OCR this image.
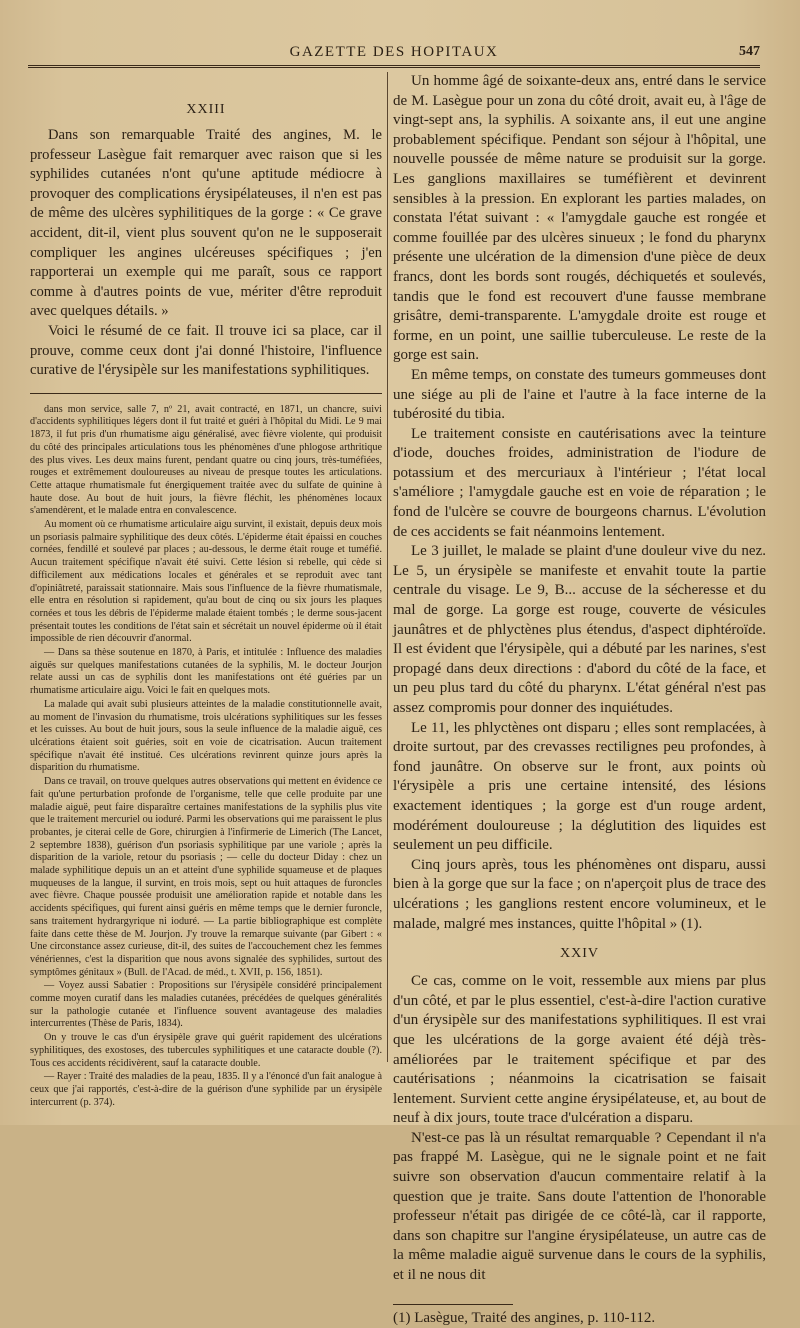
GAZETTE DES HOPITAUX	547
XXIII

Dans son remarquable Traité des angines, M. le professeur Lasègue fait remarquer avec raison que si les syphilides cutanées n'ont qu'une aptitude médiocre à provoquer des complications érysipélateuses, il n'en est pas de même des ulcères syphilitiques de la gorge : « Ce grave accident, dit-il, vient plus souvent qu'on ne le supposerait compliquer les angines ulcéreuses spécifiques ; j'en rapporterai un exemple qui me paraît, sous ce rapport comme à d'autres points de vue, mériter d'être reproduit avec quelques détails. »

Voici le résumé de ce fait. Il trouve ici sa place, car il prouve, comme ceux dont j'ai donné l'histoire, l'influence curative de l'érysipèle sur les manifestations syphilitiques.

dans mon service, salle 7, nº 21, avait contracté, en 1871, un chancre, suivi d'accidents syphilitiques légers dont il fut traité et guéri à l'hôpital du Midi. Le 9 mai 1873, il fut pris d'un rhumatisme aigu généralisé, avec fièvre violente, qui produisit du côté des principales articulations tous les phénomènes d'une phlogose arthritique des plus vives. Les deux mains furent, pendant quatre ou cinq jours, très-tuméfiées, rouges et extrêmement douloureuses au niveau de presque toutes les articulations. Cette attaque rhumatismale fut énergiquement traitée avec du sulfate de quinine à haute dose. Au bout de huit jours, la fièvre fléchit, les phénomènes locaux s'amendèrent, et le malade entra en convalescence.

Au moment où ce rhumatisme articulaire aigu survint, il existait, depuis deux mois un psoriasis palmaire syphilitique des deux côtés. L'épiderme était épaissi en couches cornées, fendillé et soulevé par places ; au-dessous, le derme était rouge et tuméfié. Aucun traitement spécifique n'avait été suivi. Cette lésion si rebelle, qui cède si difficilement aux médications locales et générales et se reproduit avec tant d'opiniâtreté, paraissait stationnaire. Mais sous l'influence de la fièvre rhumatismale, elle entra en résolution si rapidement, qu'au bout de cinq ou six jours les plaques cornées et tous les débris de l'épiderme malade étaient tombés ; le derme sous-jacent présentait toutes les conditions de l'état sain et sécrétait un nouvel épiderme où il était impossible de rien découvrir d'anormal.

— Dans sa thèse soutenue en 1870, à Paris, et intitulée : Influence des maladies aiguës sur quelques manifestations cutanées de la syphilis, M. le docteur Jourjon relate aussi un cas de syphilis dont les manifestations ont été guéries par un rhumatisme articulaire aigu. Voici le fait en quelques mots.

La malade qui avait subi plusieurs atteintes de la maladie constitutionnelle avait, au moment de l'invasion du rhumatisme, trois ulcérations syphilitiques sur les fesses et les cuisses. Au bout de huit jours, sous la seule influence de la maladie aiguë, ces ulcérations étaient soit guéries, soit en voie de cicatrisation. Aucun traitement spécifique n'avait été institué. Ces ulcérations revinrent quinze jours après la disparition du rhumatisme.

Dans ce travail, on trouve quelques autres observations qui mettent en évidence ce fait qu'une perturbation profonde de l'organisme, telle que celle produite par une maladie aiguë, peut faire disparaître certaines manifestations de la syphilis plus vite que le traitement mercuriel ou ioduré. Parmi les observations qui me paraissent le plus probantes, je citerai celle de Gore, chirurgien à l'infirmerie de Limerich (The Lancet, 2 septembre 1838), guérison d'un psoriasis syphilitique par une variole ; après la disparition de la variole, retour du psoriasis ; — celle du docteur Diday : chez un malade syphilitique depuis un an et atteint d'une syphilide squameuse et de plaques muqueuses de la langue, il survint, en trois mois, sept ou huit attaques de furoncles avec fièvre. Chaque poussée produisit une amélioration rapide et notable dans les accidents spécifiques, qui furent ainsi guéris en même temps que le dernier furoncle, sans traitement hydrargyrique ni ioduré. — La partie bibliographique est complète faite dans cette thèse de M. Jourjon. J'y trouve la remarque suivante (par Gibert : « Une circonstance assez curieuse, dit-il, des suites de l'accouchement chez les femmes vénériennes, c'est la disparition que nous avons signalée des syphilides, surtout des symptômes génitaux » (Bull. de l'Acad. de méd., t. XVII, p. 156, 1851).

— Voyez aussi Sabatier : Propositions sur l'érysipèle considéré principalement comme moyen curatif dans les maladies cutanées, précédées de quelques généralités sur la pathologie cutanée et l'influence souvent avantageuse des maladies intercurrentes (Thèse de Paris, 1834).

On y trouve le cas d'un érysipèle grave qui guérit rapidement des ulcérations syphilitiques, des exostoses, des tubercules syphilitiques et une cataracte double (?). Tous ces accidents récidivèrent, sauf la cataracte double.

— Rayer : Traité des maladies de la peau, 1835. Il y a l'énoncé d'un fait analogue à ceux que j'ai rapportés, c'est-à-dire de la guérison d'une syphilide par un érysipèle intercurrent (p. 374).

Un homme âgé de soixante-deux ans, entré dans le service de M. Lasègue pour un zona du côté droit, avait eu, à l'âge de vingt-sept ans, la syphilis. A soixante ans, il eut une angine probablement spécifique. Pendant son séjour à l'hôpital, une nouvelle poussée de même nature se produisit sur la gorge. Les ganglions maxillaires se tuméfièrent et devinrent sensibles à la pression. En explorant les parties malades, on constata l'état suivant : « l'amygdale gauche est rongée et comme fouillée par des ulcères sinueux ; le fond du pharynx présente une ulcération de la dimension d'une pièce de deux francs, dont les bords sont rougés, déchiquetés et soulevés, tandis que le fond est recouvert d'une fausse membrane grisâtre, demi-transparente. L'amygdale droite est rouge et forme, en un point, une saillie tuberculeuse. Le reste de la gorge est sain.

En même temps, on constate des tumeurs gommeuses dont une siége au pli de l'aine et l'autre à la face interne de la tubérosité du tibia.

Le traitement consiste en cautérisations avec la teinture d'iode, douches froides, administration de l'iodure de potassium et des mercuriaux à l'intérieur ; l'état local s'améliore ; l'amygdale gauche est en voie de réparation ; le fond de l'ulcère se couvre de bourgeons charnus. L'évolution de ces accidents se fait néanmoins lentement.

Le 3 juillet, le malade se plaint d'une douleur vive du nez. Le 5, un érysipèle se manifeste et envahit toute la partie centrale du visage. Le 9, B... accuse de la sécheresse et du mal de gorge. La gorge est rouge, couverte de vésicules jaunâtres et de phlyctènes plus étendus, d'aspect diphtéroïde. Il est évident que l'érysipèle, qui a débuté par les narines, s'est propagé dans deux directions : d'abord du côté de la face, et un peu plus tard du côté du pharynx. L'état général n'est pas assez compromis pour donner des inquiétudes.

Le 11, les phlyctènes ont disparu ; elles sont remplacées, à droite surtout, par des crevasses rectilignes peu profondes, à fond jaunâtre. On observe sur le front, aux points où l'érysipèle a pris une certaine intensité, des lésions exactement identiques ; la gorge est d'un rouge ardent, modérément douloureuse ; la déglutition des liquides est seulement un peu difficile.

Cinq jours après, tous les phénomènes ont disparu, aussi bien à la gorge que sur la face ; on n'aperçoit plus de trace des ulcérations ; les ganglions restent encore volumineux, et le malade, malgré mes instances, quitte l'hôpital » (1).

XXIV

Ce cas, comme on le voit, ressemble aux miens par plus d'un côté, et par le plus essentiel, c'est-à-dire l'action curative d'un érysipèle sur des manifestations syphilitiques. Il est vrai que les ulcérations de la gorge avaient été déjà très-améliorées par le traitement spécifique et par des cautérisations ; néanmoins la cicatrisation se faisait lentement. Survient cette angine érysipélateuse, et, au bout de neuf à dix jours, toute trace d'ulcération a disparu.

N'est-ce pas là un résultat remarquable ? Cependant il n'a pas frappé M. Lasègue, qui ne le signale point et ne fait suivre son observation d'aucun commentaire relatif à la question que je traite. Sans doute l'attention de l'honorable professeur n'était pas dirigée de ce côté-là, car il rapporte, dans son chapitre sur l'angine érysipélateuse, un autre cas de la même maladie aiguë survenue dans le cours de la syphilis, et il ne nous dit

(1) Lasègue, Traité des angines, p. 110-112.
